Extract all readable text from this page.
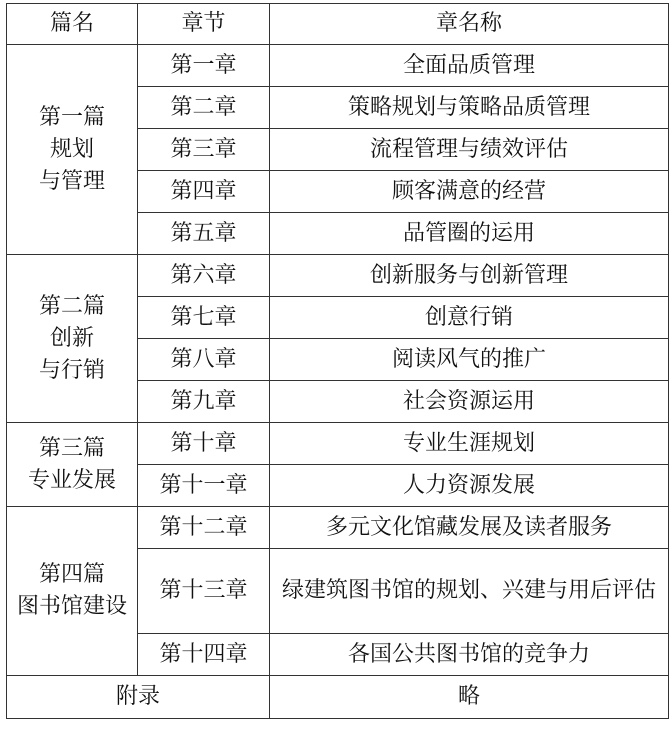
篇名	章节	章名称

第一篇
规划
与管理	第一章	全面品质管理
	第二章	策略规划与策略品质管理
	第三章	流程管理与绩效评估
	第四章	顾客满意的经营
	第五章	品管圈的运用

第二篇
创新
与行销	第六章	创新服务与创新管理
	第七章	创意行销
	第八章	阅读风气的推广
	第九章	社会资源运用

第三篇
专业发展	第十章	专业生涯规划
	第十一章	人力资源发展

第四篇
图书馆建设	第十二章	多元文化馆藏发展及读者服务
	第十三章	绿建筑图书馆的规划、兴建与用后评估
	第十四章	各国公共图书馆的竞争力
附录		略
